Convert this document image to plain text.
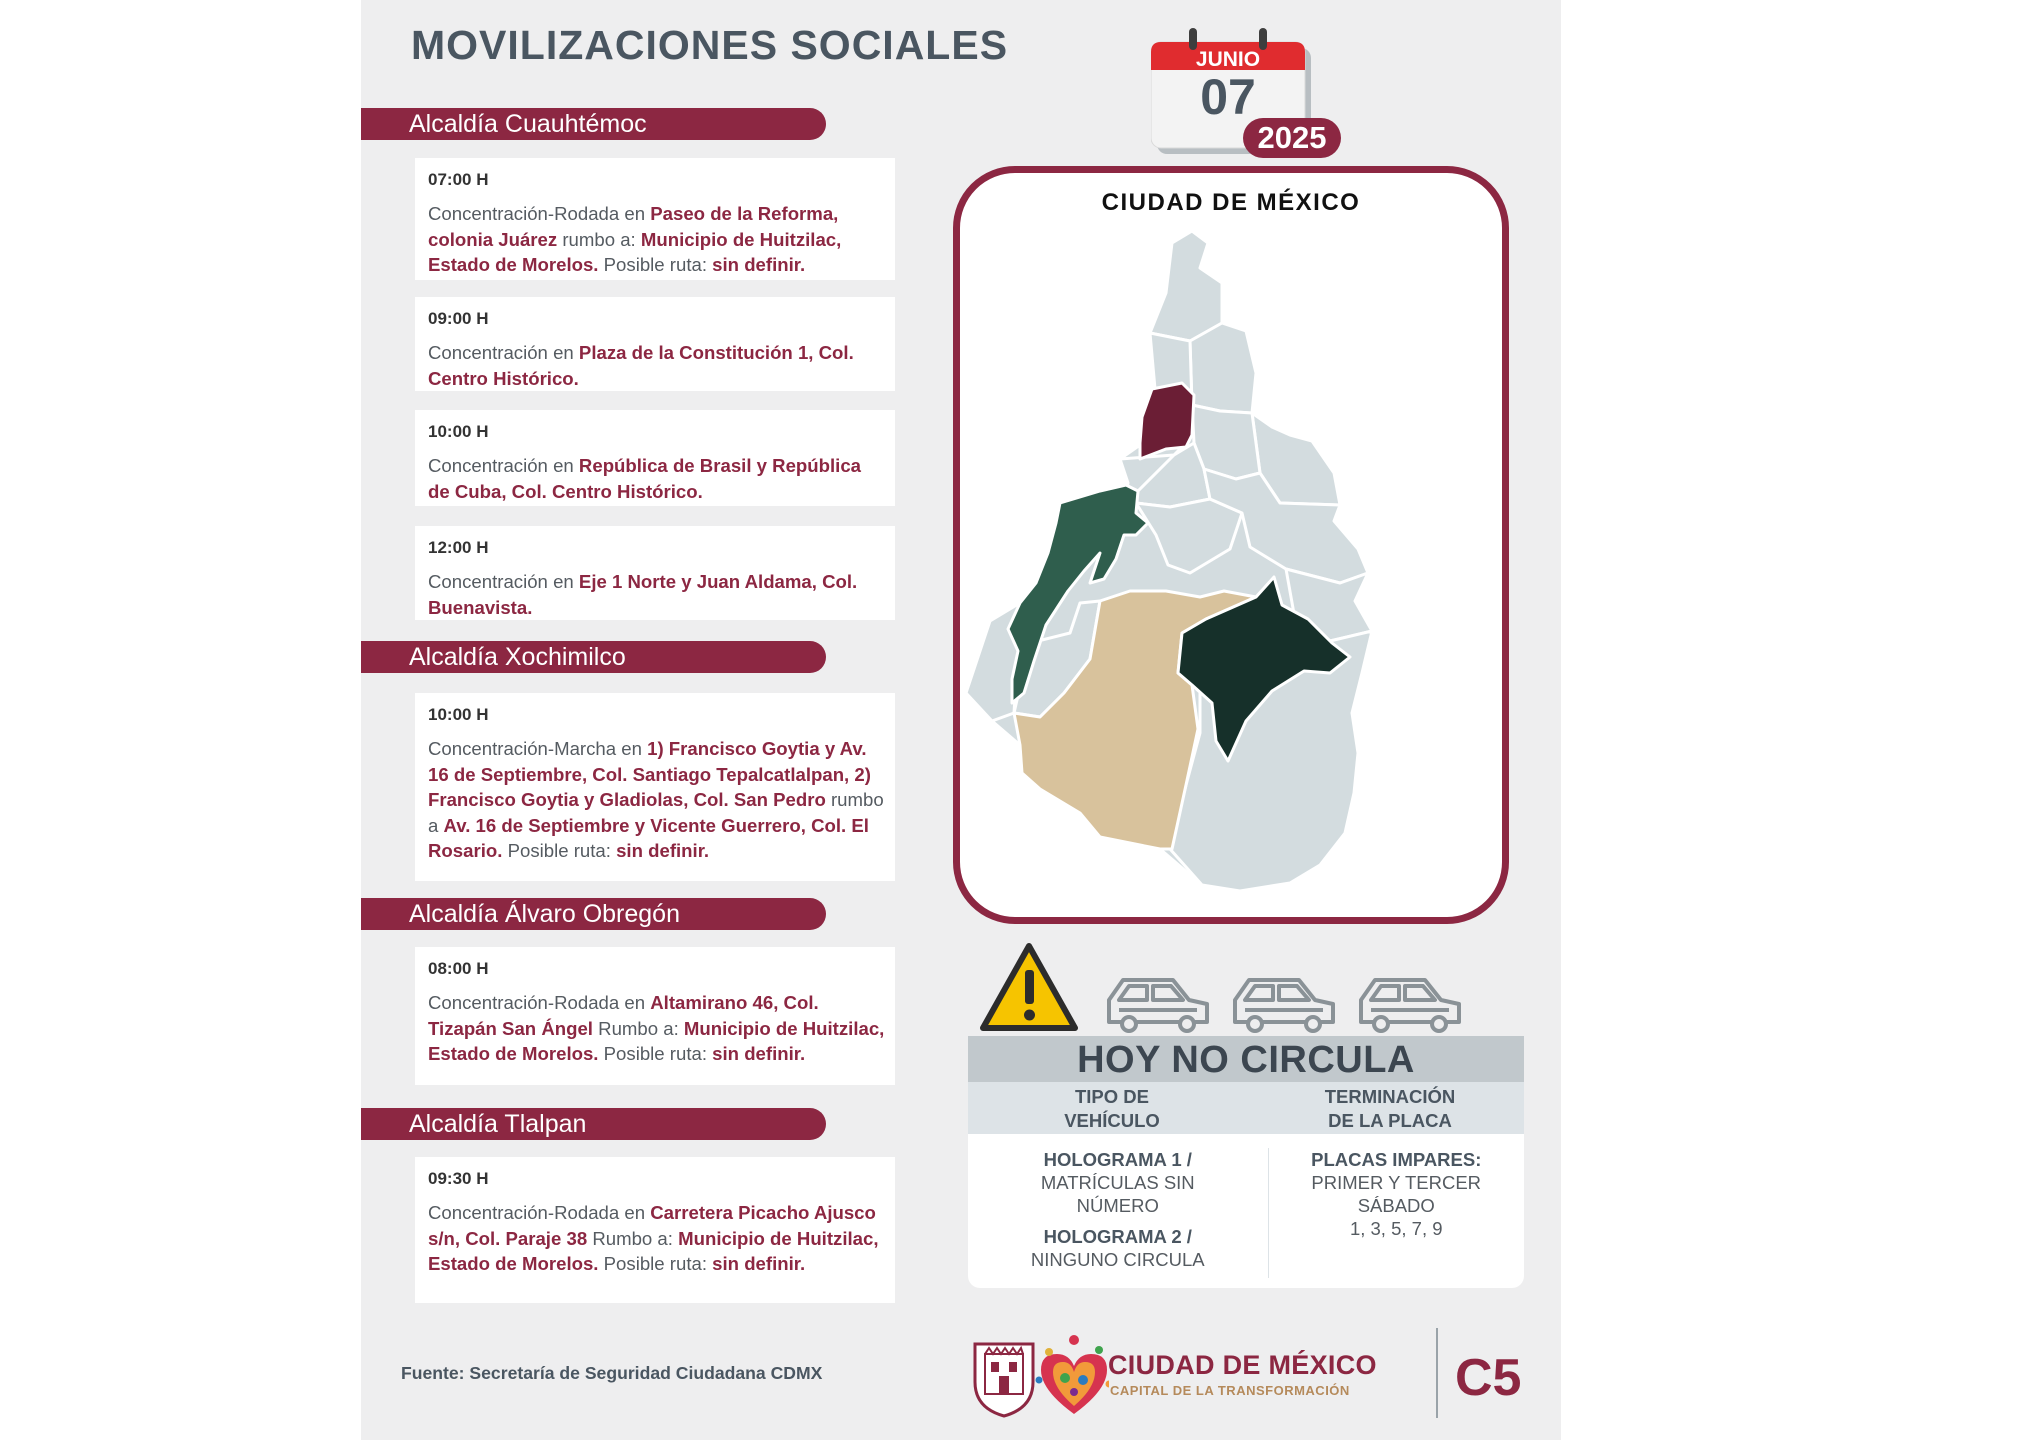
MOVILIZACIONES SOCIALES	JUNIO
07
2025
Alcaldía Cuauhtémoc
07:00 H
Concentración-Rodada en Paseo de la Reforma, colonia Juárez rumbo a: Municipio de Huitzilac, Estado de Morelos. Posible ruta: sin definir.
09:00 H
Concentración en Plaza de la Constitución 1, Col. Centro Histórico.
10:00 H
Concentración en República de Brasil y República de Cuba, Col. Centro Histórico.
12:00 H
Concentración en Eje 1 Norte y Juan Aldama, Col. Buenavista.
Alcaldía Xochimilco
10:00 H
Concentración-Marcha en 1) Francisco Goytia y Av. 16 de Septiembre, Col. Santiago Tepalcatlalpan, 2) Francisco Goytia y Gladiolas, Col. San Pedro rumbo a Av. 16 de Septiembre y Vicente Guerrero, Col. El Rosario. Posible ruta: sin definir.
Alcaldía Álvaro Obregón
08:00 H
Concentración-Rodada en Altamirano 46, Col. Tizapán San Ángel Rumbo a: Municipio de Huitzilac, Estado de Morelos. Posible ruta: sin definir.
Alcaldía Tlalpan
09:30 H
Concentración-Rodada en Carretera Picacho Ajusco s/n, Col. Paraje 38 Rumbo a: Municipio de Huitzilac, Estado de Morelos. Posible ruta: sin definir.
CIUDAD DE MÉXICO
HOY NO CIRCULA
TIPO DE VEHÍCULO
TERMINACIÓN DE LA PLACA
HOLOGRAMA 1 /
MATRÍCULAS SIN NÚMERO

HOLOGRAMA 2 /
NINGUNO CIRCULA
PLACAS IMPARES: PRIMER Y TERCER SÁBADO
1, 3, 5, 7, 9
Fuente: Secretaría de Seguridad Ciudadana CDMX	CIUDAD DE MÉXICO
CAPITAL DE LA TRANSFORMACIÓN C5
